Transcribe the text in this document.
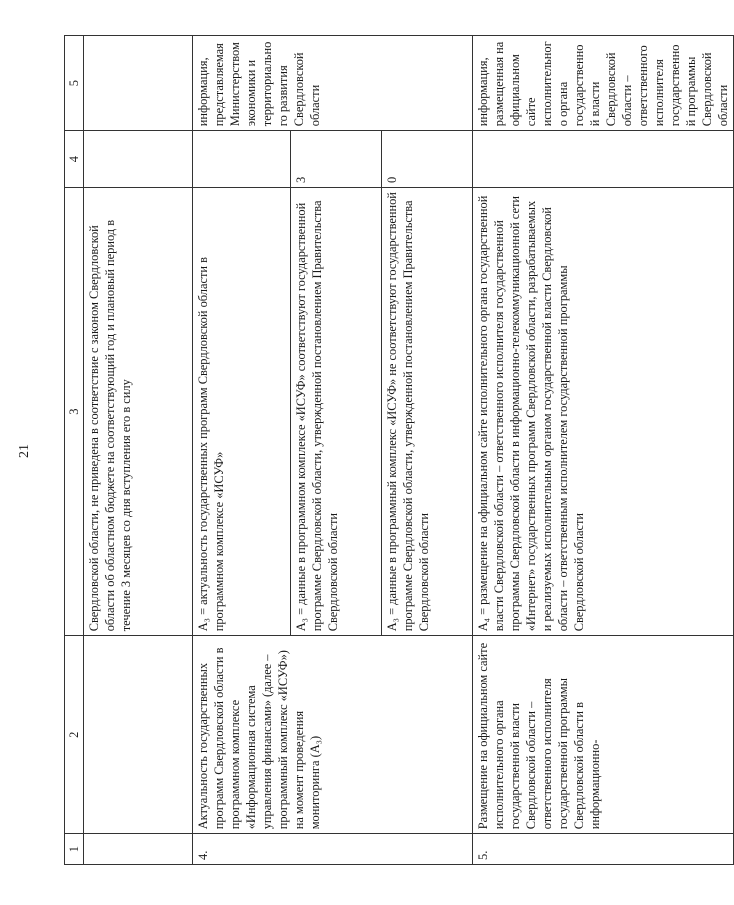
21
1	2	3	4	5
		Свердловской области, не приведена в соответствие с законом Свердловской области об областном бюджете на соответствующий год и плановый период в течение 3 месяцев со дня вступления его в силу		
4.	Актуальность государственных программ Свердловской области в программном комплексе «Информационная система управления финансами» (далее – программный комплекс «ИСУФ») на момент проведения мониторинга (А₃)	А₃ = актуальность государственных программ Свердловской области в программном комплексе «ИСУФ»		информация, представляемая Министерством экономики и территориального развития Свердловской области
		А₃ = данные в программном комплексе «ИСУФ» соответствуют государственной программе Свердловской области, утвержденной постановлением Правительства Свердловской области	3	
		А₃ = данные в программный комплекс «ИСУФ» не соответствуют государственной программе Свердловской области, утвержденной постановлением Правительства Свердловской области	0	
5.	Размещение на официальном сайте исполнительного органа государственной власти Свердловской области – ответственного исполнителя государственной программы Свердловской области в информационно-	А₄ = размещение на официальном сайте исполнительного органа государственной власти Свердловской области – ответственного исполнителя государственной программы Свердловской области в информационно-телекоммуникационной сети «Интернет» государственных программ Свердловской области, разрабатываемых и реализуемых исполнительным органом государственной власти Свердловской области – ответственным исполнителем государственной программы Свердловской области		информация, размещенная на официальном сайте исполнительного органа государственной власти Свердловской области – ответственного исполнителя государственной программы Свердловской области
